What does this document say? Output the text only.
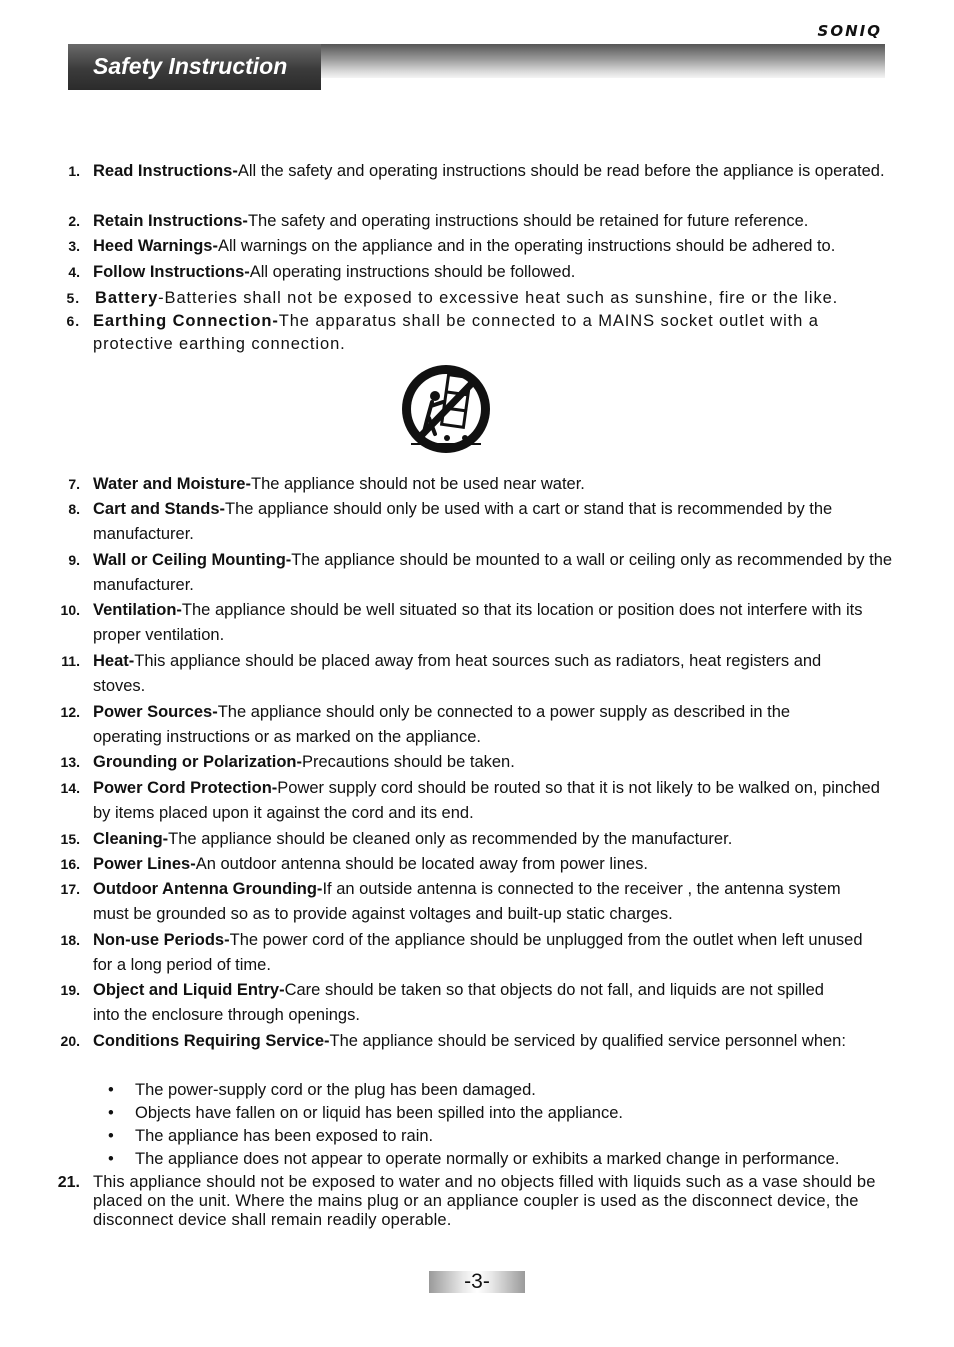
SONIQ
Safety Instruction
1. Read Instructions-All the safety and operating instructions should be read before the appliance is operated.
2. Retain Instructions-The safety and operating instructions should be retained for future reference.
3. Heed Warnings-All warnings on the appliance and in the operating instructions should be adhered to.
4. Follow Instructions-All operating instructions should be followed.
5. Battery-Batteries shall not be exposed to excessive heat such as sunshine, fire or the like.
6. Earthing Connection-The apparatus shall be connected to a MAINS socket outlet with a protective earthing connection.
7. Water and Moisture-The appliance should not be used near water.
8. Cart and Stands-The appliance should only be used with a cart or stand that is recommended by the manufacturer.
9. Wall or Ceiling Mounting-The appliance should be mounted to a wall or ceiling only as recommended by the manufacturer.
10. Ventilation-The appliance should be well situated so that its location or position does not interfere with its proper ventilation.
11. Heat-This appliance should be placed away from heat sources such as radiators, heat registers and stoves.
12. Power Sources-The appliance should only be connected to a power supply as described in the operating instructions or as marked on the appliance.
13. Grounding or Polarization-Precautions should be taken.
14. Power Cord Protection-Power supply cord should be routed so that it is not likely to be walked on, pinched by items placed upon it against the cord and its end.
15. Cleaning-The appliance should be cleaned only as recommended by the manufacturer.
16. Power Lines-An outdoor antenna should be located away from power lines.
17. Outdoor Antenna Grounding-If an outside antenna is connected to the receiver , the antenna system must be grounded so as to provide against voltages and built-up static charges.
18. Non-use Periods-The power cord of the appliance should be unplugged from the outlet when left unused for a long period of time.
19. Object and Liquid Entry-Care should be taken so that objects do not fall, and liquids are not spilled into the enclosure through openings.
20. Conditions Requiring Service-The appliance should be serviced by qualified service personnel when:
• The power-supply cord or the plug has been damaged.
• Objects have fallen on or liquid has been spilled into the appliance.
• The appliance has been exposed to rain.
• The appliance does not appear to operate normally or exhibits a marked change in performance.
21. This appliance should not be exposed to water and no objects filled with liquids such as a vase should be placed on the unit. Where the mains plug or an appliance coupler is used as the disconnect device, the disconnect device shall remain readily operable.
-3-
